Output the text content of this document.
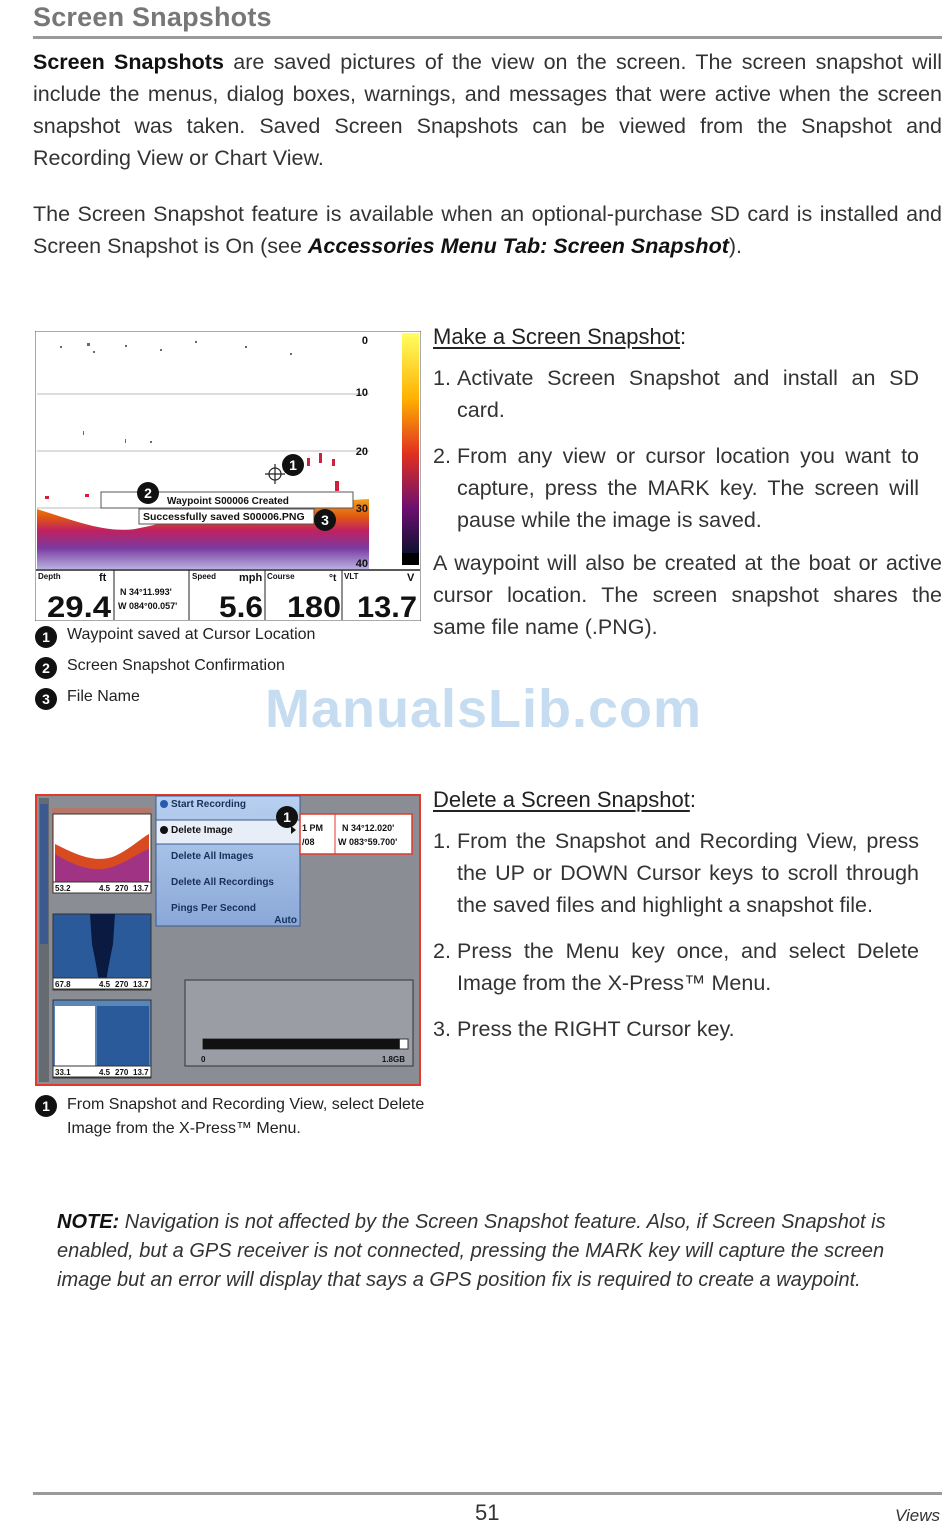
Screen Snapshots
Screen Snapshots are saved pictures of the view on the screen. The screen snapshot will include the menus, dialog boxes, warnings, and messages that were active when the screen snapshot was taken. Saved Screen Snapshots can be viewed from the Snapshot and Recording View or Chart View.
The Screen Snapshot feature is available when an optional-purchase SD card is installed and Screen Snapshot is On (see Accessories Menu Tab: Screen Snapshot).
0
10
20
30
40
1
Waypoint S00006 Created
2
Successfully saved S00006.PNG 3
Depth	ft
29.4 N 34°11.993'
W 084°00.057'
Speed mph
5.6
Course	°t
180
VLT	V
13.7
1	Waypoint saved at Cursor Location
2	Screen Snapshot Confirmation
3	File Name
Make a Screen Snapshot:
1. Activate Screen Snapshot and install an SD card.
2. From any view or cursor location you want to capture, press the MARK key. The screen will pause while the image is saved.
A waypoint will also be created at the boat or active cursor location. The screen snapshot shares the same file name (.PNG).
ManualsLib.com
53.2	4.5 270 13.7
67.8	4.5 270 13.7
33.1	4.5 270 13.7
Start Recording
Delete Image
Delete All Images
Delete All Recordings
Pings Per Second
Auto
1
1 PM
/08
N 34°12.020'
W 083°59.700'
0	1.8GB
1	From Snapshot and Recording View, select Delete Image from the X-Press™ Menu.
Delete a Screen Snapshot:
1. From the Snapshot and Recording View, press the UP or DOWN Cursor keys to scroll through the saved files and highlight a snapshot file.
2. Press the Menu key once, and select Delete Image from the X-Press™ Menu.
3. Press the RIGHT Cursor key.
NOTE: Navigation is not affected by the Screen Snapshot feature. Also, if Screen Snapshot is enabled, but a GPS receiver is not connected, pressing the MARK key will capture the screen image but an error will display that says a GPS position fix is required to create a waypoint.
51	Views
